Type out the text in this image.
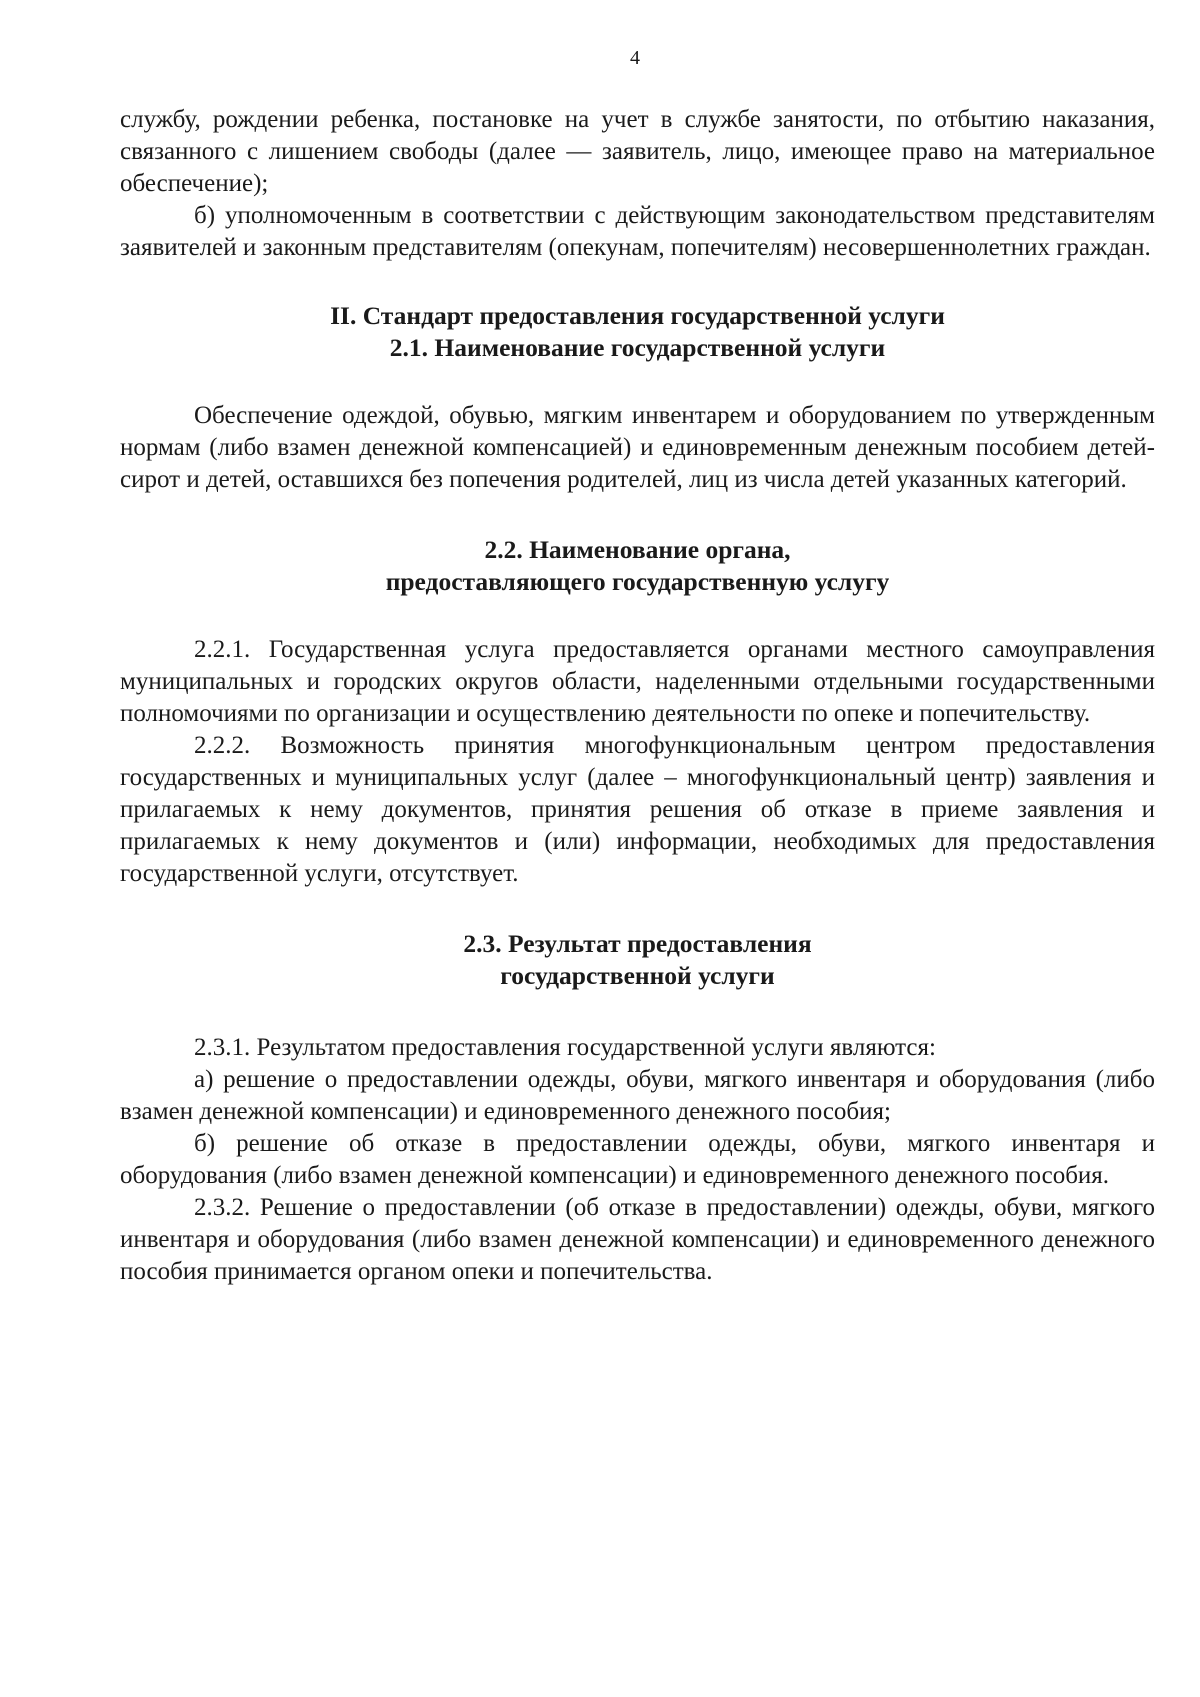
4

службу, рождении ребенка, постановке на учет в службе занятости, по отбытию наказания, связанного с лишением свободы (далее — заявитель, лицо, имеющее право на материальное обеспечение);

б) уполномоченным в соответствии с действующим законодательством представителям заявителей и законным представителям (опекунам, попечителям) несовершеннолетних граждан.

II. Стандарт предоставления государственной услуги

2.1. Наименование государственной услуги

Обеспечение одеждой, обувью, мягким инвентарем и оборудованием по утвержденным нормам (либо взамен денежной компенсацией) и единовременным денежным пособием детей-сирот и детей, оставшихся без попечения родителей, лиц из числа детей указанных категорий.

2.2. Наименование органа,

предоставляющего государственную услугу

2.2.1. Государственная услуга предоставляется органами местного самоуправления муниципальных и городских округов области, наделенными отдельными государственными полномочиями по организации и осуществлению деятельности по опеке и попечительству.

2.2.2. Возможность принятия многофункциональным центром предоставления государственных и муниципальных услуг (далее – многофункциональный центр) заявления и прилагаемых к нему документов, принятия решения об отказе в приеме заявления и прилагаемых к нему документов и (или) информации, необходимых для предоставления государственной услуги, отсутствует.

2.3. Результат предоставления

государственной услуги

2.3.1. Результатом предоставления государственной услуги являются:

а) решение о предоставлении одежды, обуви, мягкого инвентаря и оборудования (либо взамен денежной компенсации) и единовременного денежного пособия;

б) решение об отказе в предоставлении одежды, обуви, мягкого инвентаря и оборудования (либо взамен денежной компенсации) и единовременного денежного пособия.

2.3.2. Решение о предоставлении (об отказе в предоставлении) одежды, обуви, мягкого инвентаря и оборудования (либо взамен денежной компенсации) и единовременного денежного пособия принимается органом опеки и попечительства.
